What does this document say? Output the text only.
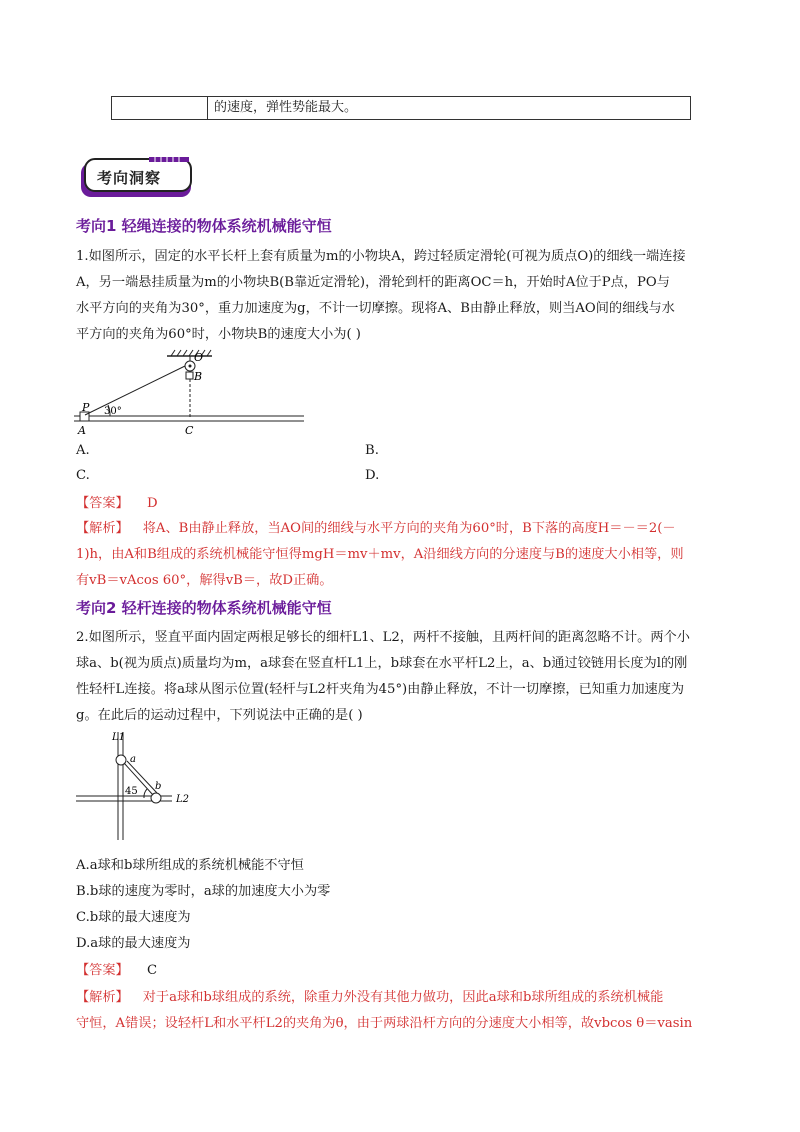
的速度，弹性势能最大。
考向洞察
考向1 轻绳连接的物体系统机械能守恒
1.如图所示，固定的水平长杆上套有质量为m的小物块A，跨过轻质定滑轮(可视为质点O)的细线一端连接
A，另一端悬挂质量为m的小物块B(B靠近定滑轮)，滑轮到杆的距离OC＝h，开始时A位于P点，PO与
水平方向的夹角为30°，重力加速度为g，不计一切摩擦。现将A、B由静止释放，则当AO间的细线与水
平方向的夹角为60°时，小物块B的速度大小为( )
O
B
P
A	C
30°
A.	B.
C.	D.
【答案】 D
【解析】 将A、B由静止释放，当AO间的细线与水平方向的夹角为60°时，B下落的高度H＝－＝2(－
1)h，由A和B组成的系统机械能守恒得mgH＝mv＋mv，A沿细线方向的分速度与B的速度大小相等，则
有vB＝vAcos 60°，解得vB＝，故D正确。
考向2 轻杆连接的物体系统机械能守恒
2.如图所示，竖直平面内固定两根足够长的细杆L1、L2，两杆不接触，且两杆间的距离忽略不计。两个小
球a、b(视为质点)质量均为m，a球套在竖直杆L1上，b球套在水平杆L2上，a、b通过铰链用长度为l的刚
性轻杆L连接。将a球从图示位置(轻杆与L2杆夹角为45°)由静止释放，不计一切摩擦，已知重力加速度为
g。在此后的运动过程中，下列说法中正确的是( )
L1
L2
a
b
45
A.a球和b球所组成的系统机械能不守恒
B.b球的速度为零时，a球的加速度大小为零
C.b球的最大速度为
D.a球的最大速度为
【答案】 C
【解析】 对于a球和b球组成的系统，除重力外没有其他力做功，因此a球和b球所组成的系统机械能
守恒，A错误；设轻杆L和水平杆L2的夹角为θ，由于两球沿杆方向的分速度大小相等，故vbcos θ＝vasin
